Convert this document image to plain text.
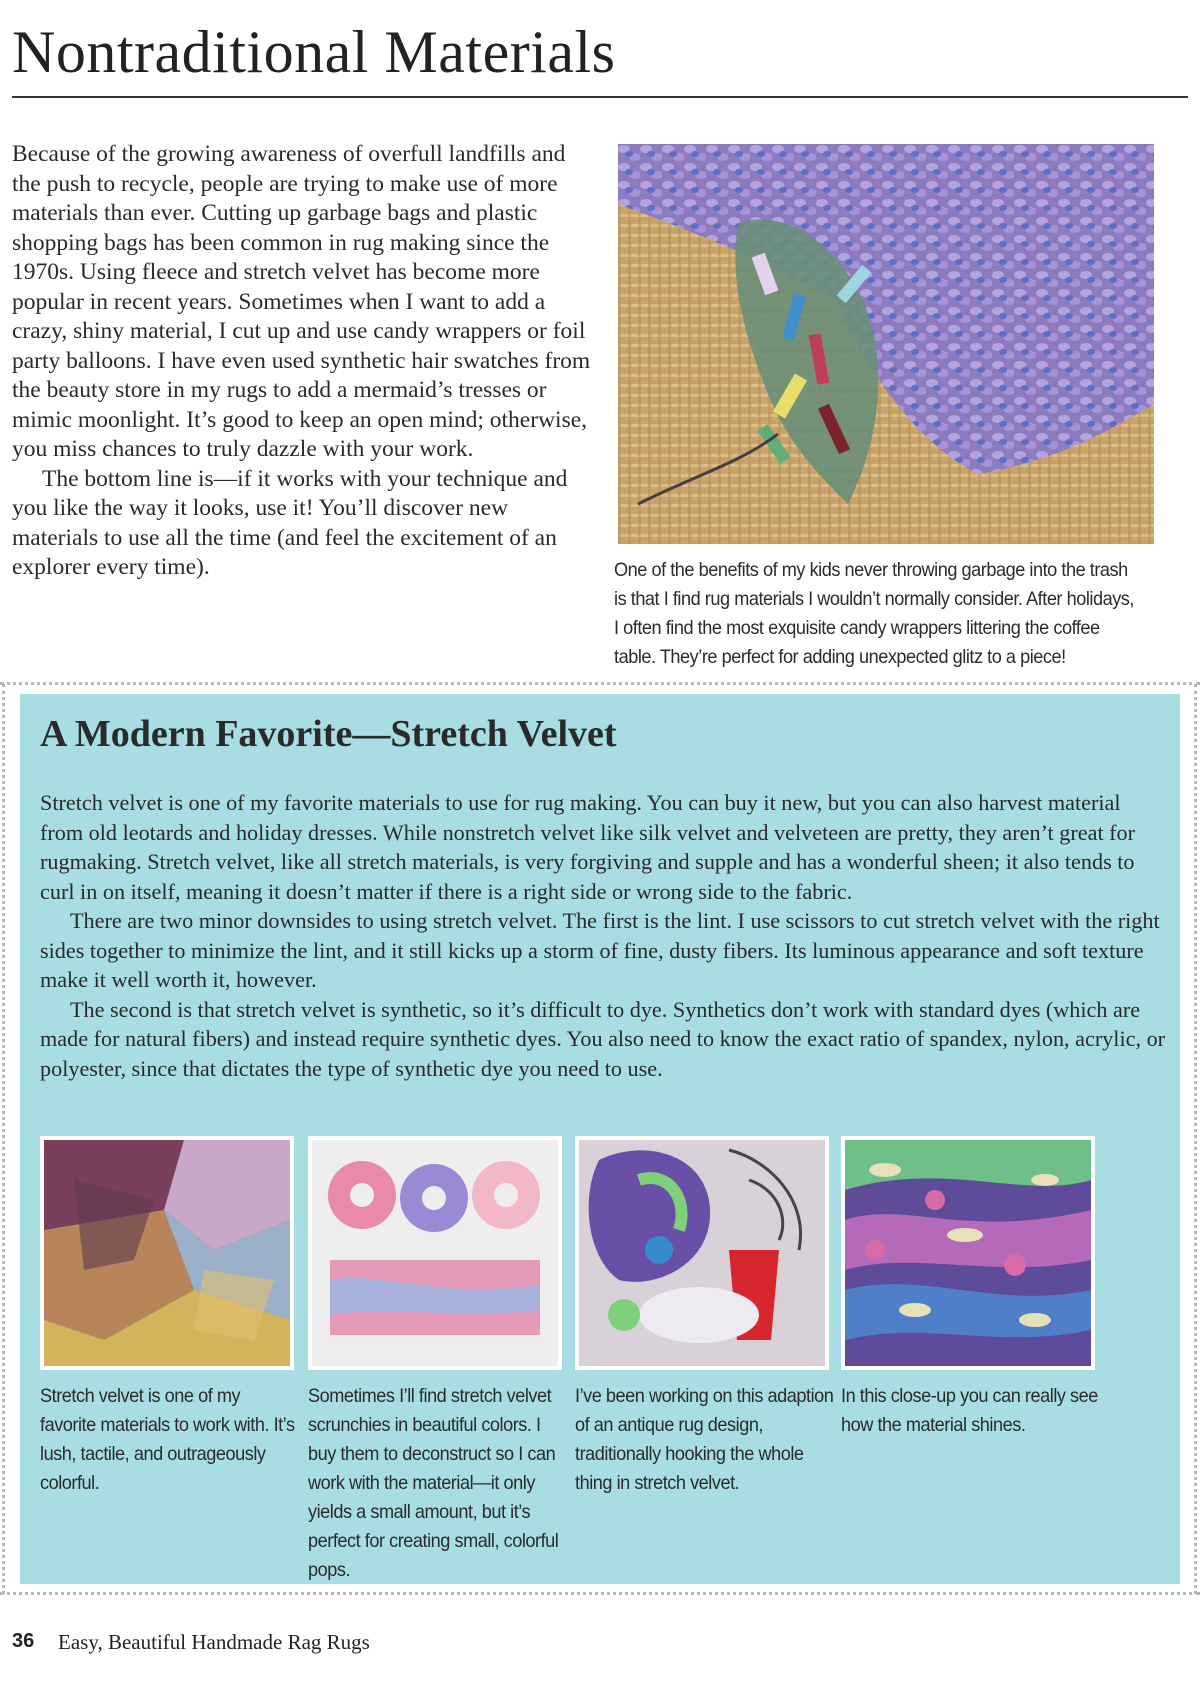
Nontraditional Materials

Because of the growing awareness of overfull landfills and the push to recycle, people are trying to make use of more materials than ever. Cutting up garbage bags and plastic shopping bags has been common in rug making since the 1970s. Using fleece and stretch velvet has become more popular in recent years. Sometimes when I want to add a crazy, shiny material, I cut up and use candy wrappers or foil party balloons. I have even used synthetic hair swatches from the beauty store in my rugs to add a mermaid’s tresses or mimic moonlight. It’s good to keep an open mind; otherwise, you miss chances to truly dazzle with your work.

The bottom line is—if it works with your technique and you like the way it looks, use it! You’ll discover new materials to use all the time (and feel the excitement of an explorer every time).	One of the benefits of my kids never throwing garbage into the trash is that I find rug materials I wouldn’t normally consider. After holidays, I often find the most exquisite candy wrappers littering the coffee table. They’re perfect for adding unexpected glitz to a piece!
A Modern Favorite—Stretch Velvet

Stretch velvet is one of my favorite materials to use for rug making. You can buy it new, but you can also harvest material from old leotards and holiday dresses. While nonstretch velvet like silk velvet and velveteen are pretty, they aren’t great for rugmaking. Stretch velvet, like all stretch materials, is very forgiving and supple and has a wonderful sheen; it also tends to curl in on itself, meaning it doesn’t matter if there is a right side or wrong side to the fabric.

There are two minor downsides to using stretch velvet. The first is the lint. I use scissors to cut stretch velvet with the right sides together to minimize the lint, and it still kicks up a storm of fine, dusty fibers. Its luminous appearance and soft texture make it well worth it, however.

The second is that stretch velvet is synthetic, so it’s difficult to dye. Synthetics don’t work with standard dyes (which are made for natural fibers) and instead require synthetic dyes. You also need to know the exact ratio of spandex, nylon, acrylic, or polyester, since that dictates the type of synthetic dye you need to use.

Stretch velvet is one of my favorite materials to work with. It’s lush, tactile, and outrageously colorful.
Sometimes I’ll find stretch velvet scrunchies in beautiful colors. I buy them to deconstruct so I can work with the material—it only yields a small amount, but it’s perfect for creating small, colorful pops.
I’ve been working on this adaption of an antique rug design, traditionally hooking the whole thing in stretch velvet.
In this close-up you can really see how the material shines.
36 Easy, Beautiful Handmade Rag Rugs
